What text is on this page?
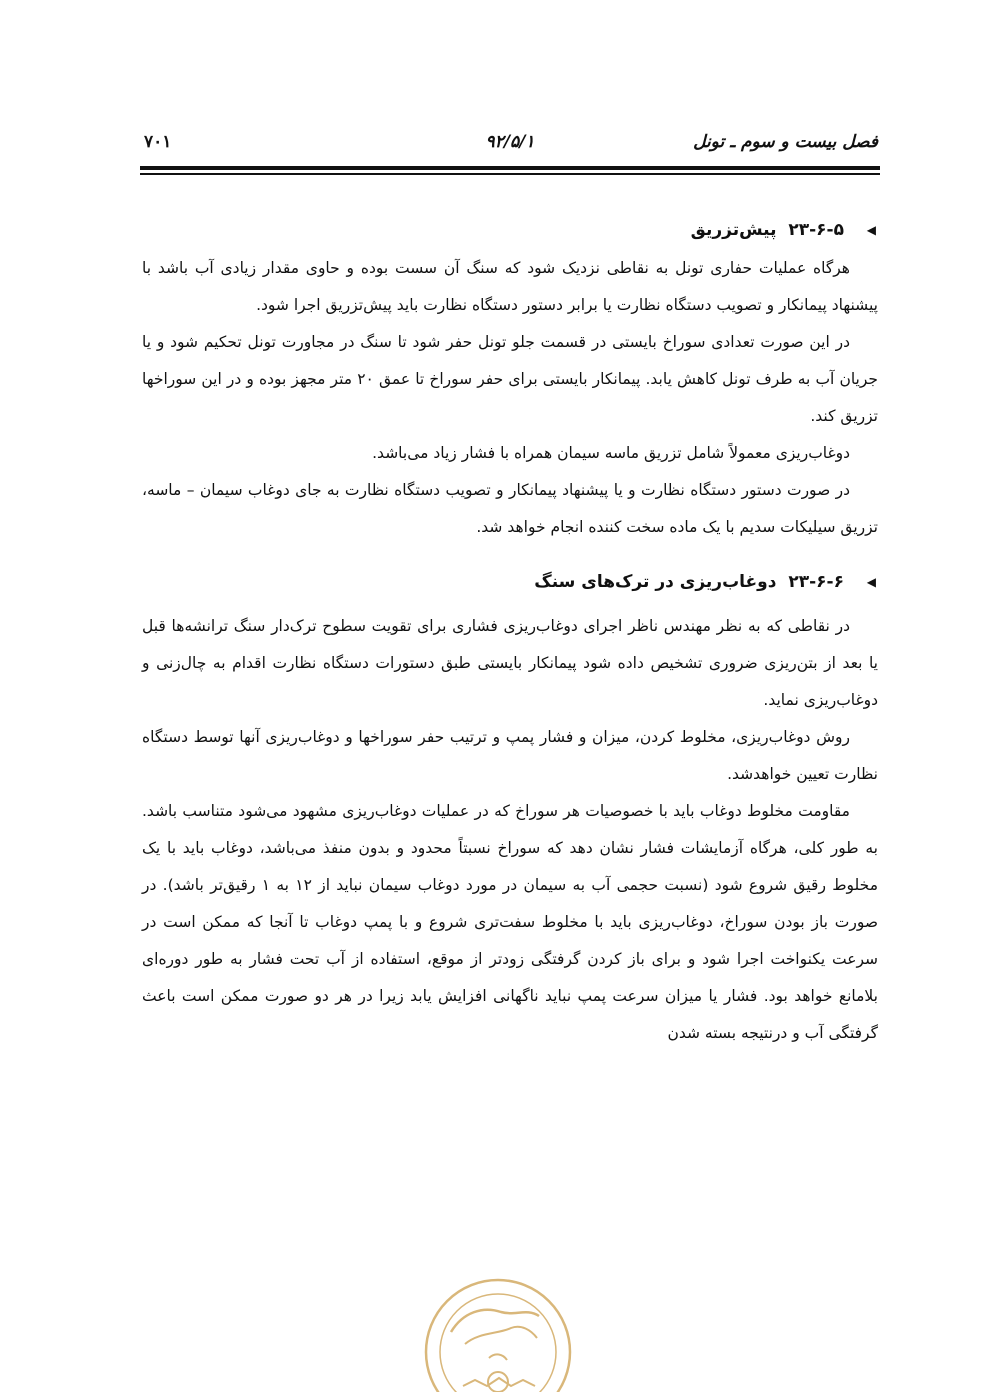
فصل بیست و سوم ـ تونل
۹۲/۵/۱
۷۰۱
◀
۲۳-۶-۵ پیش‌تزریق

هرگاه عملیات حفاری تونل به نقاطی نزدیک شود که سنگ آن سست بوده و حاوی مقدار زیادی آب باشد با پیشنهاد پیمانکار و تصویب دستگاه نظارت یا برابر دستور دستگاه نظارت باید پیش‌تزریق اجرا شود.

در این صورت تعدادی سوراخ بایستی در قسمت جلو تونل حفر شود تا سنگ در مجاورت تونل تحکیم شود و یا جریان آب به طرف تونل کاهش یابد. پیمانکار بایستی برای حفر سوراخ تا عمق ۲۰ متر مجهز بوده و در این سوراخها تزریق کند.

دوغاب‌ریزی معمولاً شامل تزریق ماسه سیمان همراه با فشار زیاد می‌باشد.

در صورت دستور دستگاه نظارت و یا پیشنهاد پیمانکار و تصویب دستگاه نظارت به جای دوغاب سیمان – ماسه، تزریق سیلیکات سدیم با یک ماده سخت کننده انجام خواهد شد.

◀
۲۳-۶-۶ دوغاب‌ریزی در ترک‌های سنگ

در نقاطی که به نظر مهندس ناظر اجرای دوغاب‌ریزی فشاری برای تقویت سطوح ترک‌دار سنگ ترانشه‌ها قبل یا بعد از بتن‌ریزی ضروری تشخیص داده شود پیمانکار بایستی طبق دستورات دستگاه نظارت اقدام به چال‌زنی و دوغاب‌ریزی نماید.

روش دوغاب‌ریزی، مخلوط کردن، میزان و فشار پمپ و ترتیب حفر سوراخها و دوغاب‌ریزی آنها توسط دستگاه نظارت تعیین خواهدشد.

مقاومت مخلوط دوغاب باید با خصوصیات هر سوراخ که در عملیات دوغاب‌ریزی مشهود می‌شود متناسب باشد. به طور کلی، هرگاه آزمایشات فشار نشان دهد که سوراخ نسبتاً محدود و بدون منفذ می‌باشد، دوغاب باید با یک مخلوط رقیق شروع شود (نسبت حجمی آب به سیمان در مورد دوغاب سیمان نباید از ۱۲ به ۱ رقیق‌تر باشد). در صورت باز بودن سوراخ، دوغاب‌ریزی باید با مخلوط سفت‌تری شروع و با پمپ دوغاب تا آنجا که ممکن است در سرعت یکنواخت اجرا شود و برای باز کردن گرفتگی زودتر از موقع، استفاده از آب تحت فشار به طور دوره‌ای بلامانع خواهد بود. فشار یا میزان سرعت پمپ نباید ناگهانی افزایش یابد زیرا در هر دو صورت ممکن است باعث گرفتگی آب و درنتیجه بسته شدن
